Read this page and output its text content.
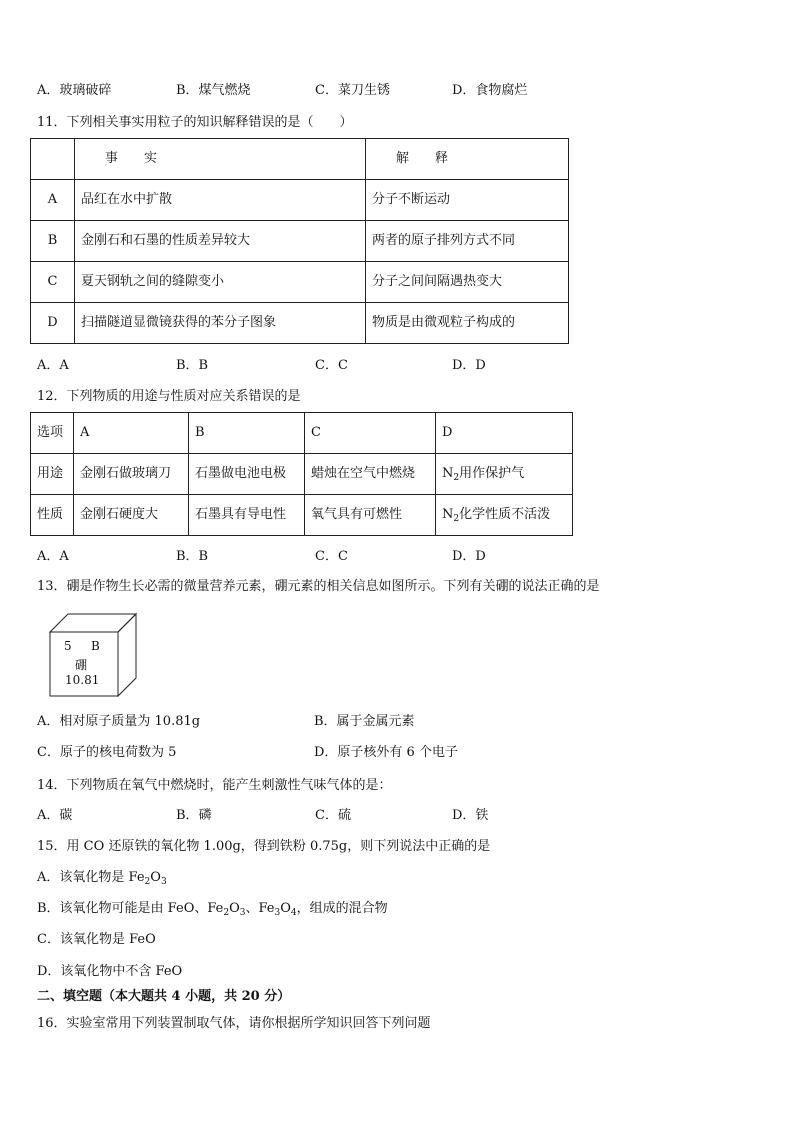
A．玻璃破碎	B．煤气燃烧	C．菜刀生锈	D．食物腐烂
11．下列相关事实用粒子的知识解释错误的是（　　）
	事　　实	解　　释
A	品红在水中扩散	分子不断运动
B	金刚石和石墨的性质差异较大	两者的原子排列方式不同
C	夏天钢轨之间的缝隙变小	分子之间间隔遇热变大
D	扫描隧道显微镜获得的苯分子图象	物质是由微观粒子构成的
A．A	B．B	C．C	D．D
12．下列物质的用途与性质对应关系错误的是
选项	A	B	C	D
用途	金刚石做玻璃刀	石墨做电池电极	蜡烛在空气中燃烧	$N_2$用作保护气
性质	金刚石硬度大	石墨具有导电性	氧气具有可燃性	$N_2$化学性质不活泼
A．A	B．B	C．C	D．D
13．硼是作物生长必需的微量营养元素，硼元素的相关信息如图所示。下列有关硼的说法正确的是
5 B
硼
10.81
A．相对原子质量为 10.81g	B．属于金属元素
C．原子的核电荷数为 5	D．原子核外有 6 个电子
14．下列物质在氧气中燃烧时，能产生刺激性气味气体的是：
A．碳	B．磷	C．硫	D．铁
15．用 CO 还原铁的氧化物 1.00g，得到铁粉 0.75g，则下列说法中正确的是
A．该氧化物是 $Fe_2O_3$
B．该氧化物可能是由 FeO、$Fe_2O_3$、$Fe_3O_4$，组成的混合物
C．该氧化物是 FeO
D．该氧化物中不含 FeO
二、填空题（本大题共 4 小题，共 20 分）
16．实验室常用下列装置制取气体，请你根据所学知识回答下列问题
